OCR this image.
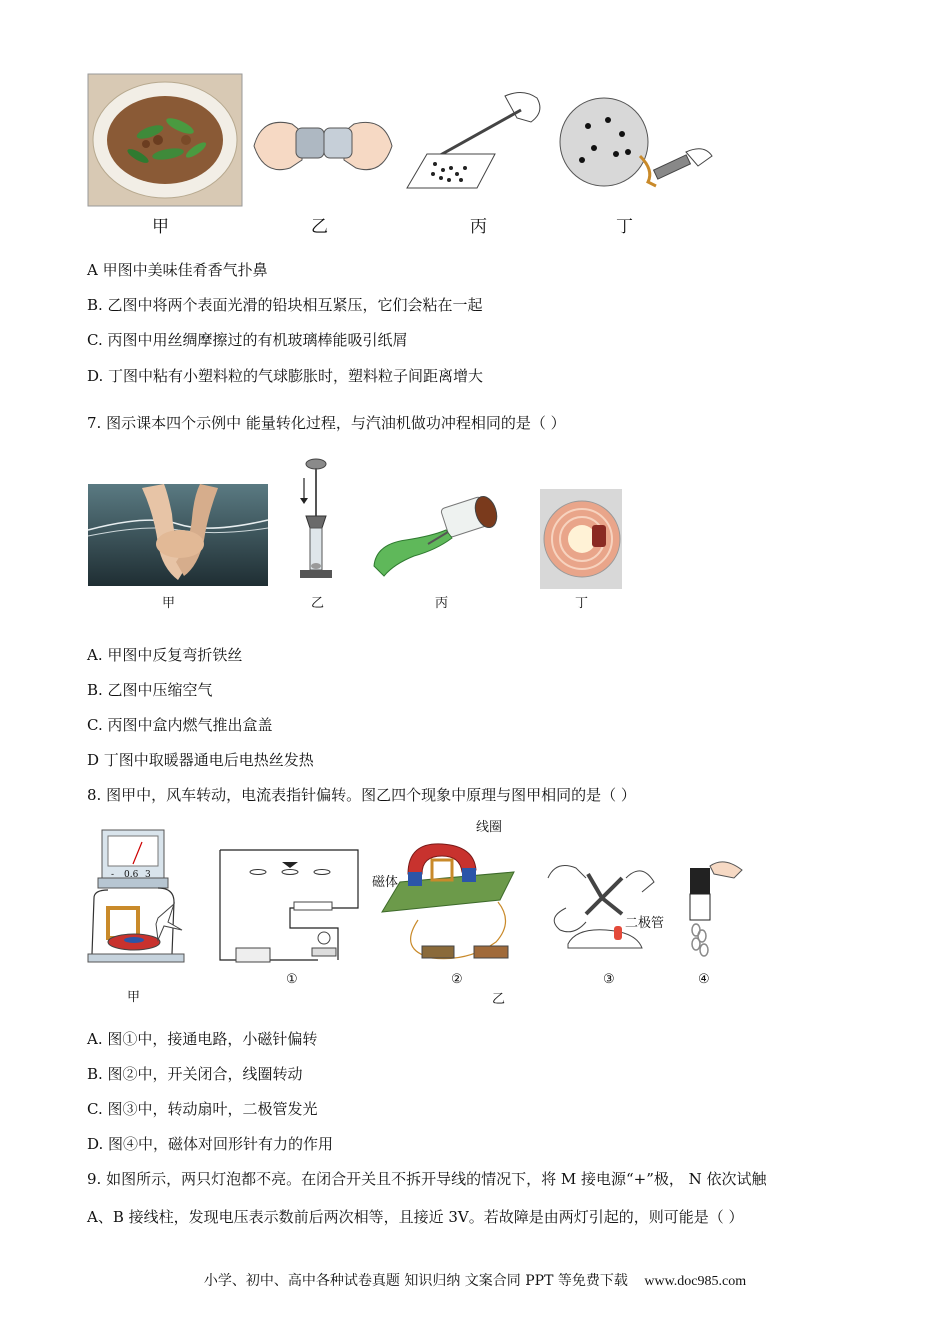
甲	乙	丙	丁
A 甲图中美味佳肴香气扑鼻
B. 乙图中将两个表面光滑的铅块相互紧压，它们会粘在一起
C. 丙图中用丝绸摩擦过的有机玻璃棒能吸引纸屑
D. 丁图中粘有小塑料粒的气球膨胀时，塑料粒子间距离增大
7. 图示课本四个示例中 能量转化过程，与汽油机做功冲程相同的是（ ）
甲	乙	丙	丁
A. 甲图中反复弯折铁丝
B. 乙图中压缩空气
C. 丙图中盒内燃气推出盒盖
D 丁图中取暖器通电后电热丝发热
8. 图甲中，风车转动，电流表指针偏转。图乙四个现象中原理与图甲相同的是（ ）
- 0.6 3
线圈
磁体
二极管
甲
①	②
乙
③	④
A. 图①中，接通电路，小磁针偏转
B. 图②中，开关闭合，线圈转动
C. 图③中，转动扇叶，二极管发光
D. 图④中，磁体对回形针有力的作用
9. 如图所示，两只灯泡都不亮。在闭合开关且不拆开导线的情况下，将 M 接电源“+”极， N 依次试触
A、B 接线柱，发现电压表示数前后两次相等，且接近 3V。若故障是由两灯引起的，则可能是（ ）
小学、初中、高中各种试卷真题 知识归纳 文案合同 PPT 等免费下载 www.doc985.com
